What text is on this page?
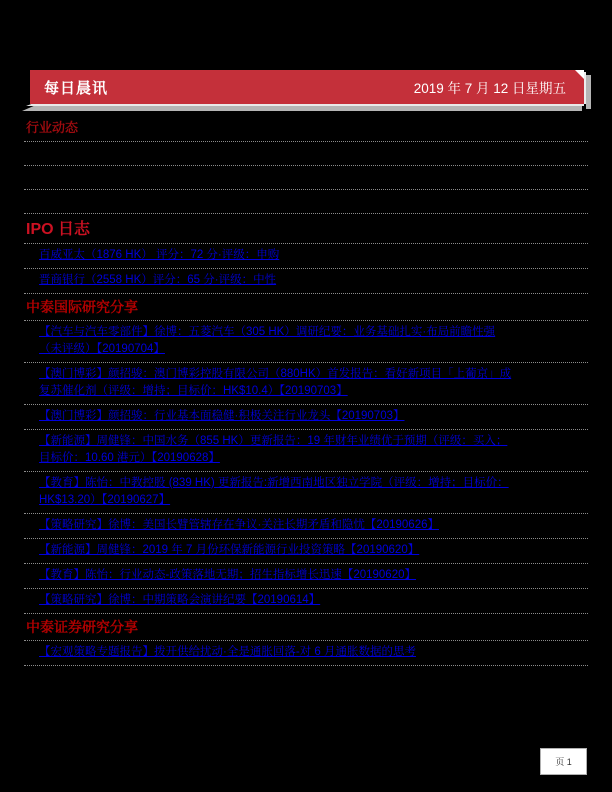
每日晨讯	2019 年 7 月 12 日星期五
行业动态
IPO 日志
百威亚太（1876 HK） 评分：72 分·评级：申购
晋商银行（2558 HK）评分：65 分·评级：中性
中泰国际研究分享
【汽车与汽车零部件】徐博：五菱汽车（305 HK）调研纪要：业务基础扎实·布局前瞻性强
（未评级）【20190704】
【澳门博彩】颜招骏：澳门博彩控股有限公司（880HK）首发报告：看好新项目「上葡京」成
复苏催化剂（评级：增持；目标价：HK$10.4）【20190703】
【澳门博彩】颜招骏：行业基本面稳健·积极关注行业龙头【20190703】
【新能源】周健锋：中国水务（855 HK）更新报告：19 年财年业绩优于预期（评级：买入；
目标价：10.60 港元）【20190628】
【教育】陈怡：中教控股 (839 HK) 更新报告:新增西南地区独立学院（评级：增持；目标价：
HK$13.20）【20190627】
【策略研究】徐博：美国长臂管辖存在争议·关注长期矛盾和隐忧【20190626】
【新能源】周健锋：2019 年 7 月份环保新能源行业投资策略【20190620】
【教育】陈怡：行业动态-政策落地无期；招生指标增长迅速【20190620】
【策略研究】徐博：中期策略会演讲纪要【20190614】
中泰证券研究分享
【宏观策略专题报告】拨开供给扰动·全是通胀回落-对 6 月通胀数据的思考
页 1
